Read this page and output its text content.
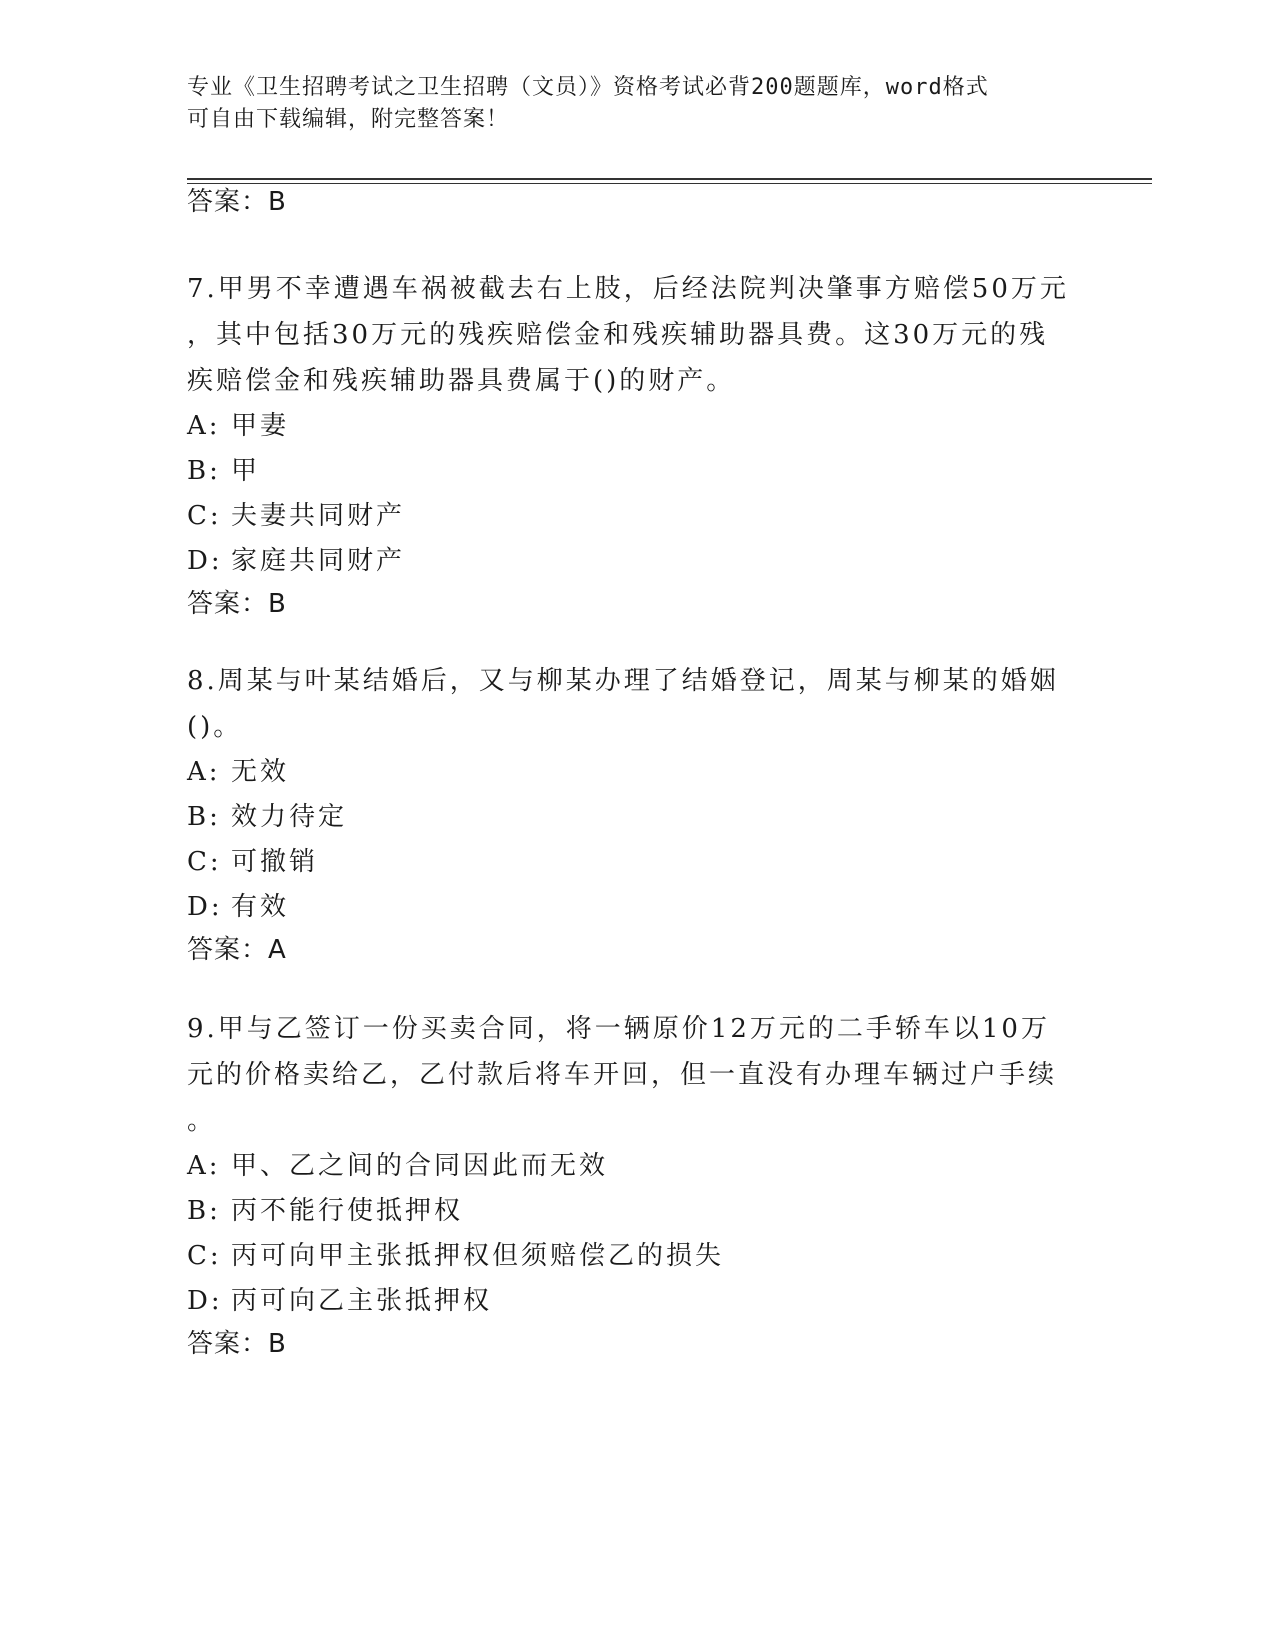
专业《卫生招聘考试之卫生招聘（文员）》资格考试必背200题题库，word格式
可自由下载编辑，附完整答案！
答案：B
7.甲男不幸遭遇车祸被截去右上肢，后经法院判决肇事方赔偿50万元
，其中包括30万元的残疾赔偿金和残疾辅助器具费。这30万元的残
疾赔偿金和残疾辅助器具费属于()的财产。
A: 甲妻
B: 甲
C: 夫妻共同财产
D: 家庭共同财产
答案：B
8.周某与叶某结婚后，又与柳某办理了结婚登记，周某与柳某的婚姻
()。
A: 无效
B: 效力待定
C: 可撤销
D: 有效
答案：A
9.甲与乙签订一份买卖合同，将一辆原价12万元的二手轿车以10万
元的价格卖给乙，乙付款后将车开回，但一直没有办理车辆过户手续
。
A: 甲、乙之间的合同因此而无效
B: 丙不能行使抵押权
C: 丙可向甲主张抵押权但须赔偿乙的损失
D: 丙可向乙主张抵押权
答案：B
